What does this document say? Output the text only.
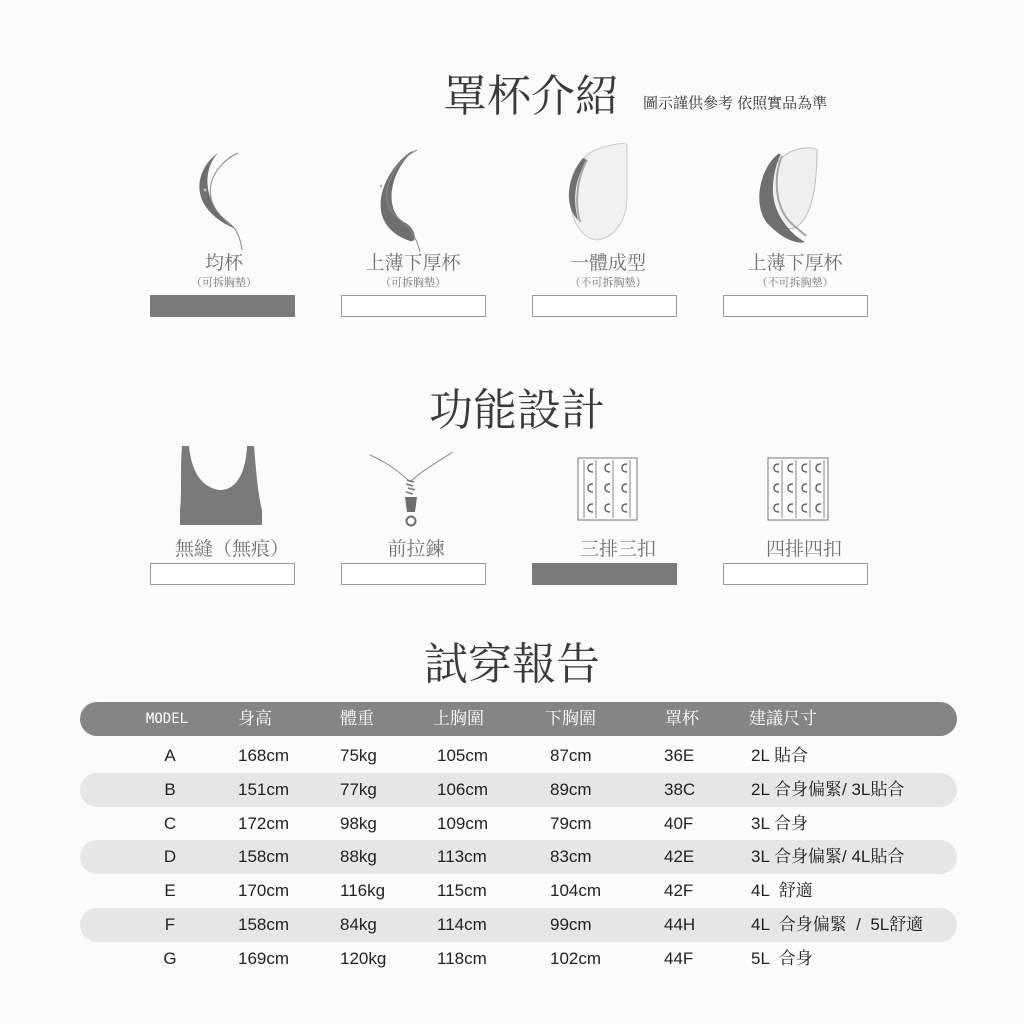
罩杯介紹 圖示謹供參考 依照實品為準
均杯
（可拆胸墊）
上薄下厚杯
（可拆胸墊）
一體成型
（不可拆胸墊）
上薄下厚杯
（不可拆胸墊）
功能設計
無縫（無痕）	前拉鍊	三排三扣	四排四扣
試穿報告
MODEL	身高	體重	上胸圍	下胸圍	罩杯	建議尺寸
A	168cm	75kg	105cm	87cm	36E	2L 貼合
B	151cm	77kg	106cm	89cm	38C	2L 合身偏緊/ 3L貼合
C	172cm	98kg	109cm	79cm	40F	3L 合身
D	158cm	88kg	113cm	83cm	42E	3L 合身偏緊/ 4L貼合
E	170cm	116kg	115cm	104cm	42F	4L  舒適
F	158cm	84kg	114cm	99cm	44H	4L  合身偏緊  /  5L舒適
G	169cm	120kg	118cm	102cm	44F	5L  合身
